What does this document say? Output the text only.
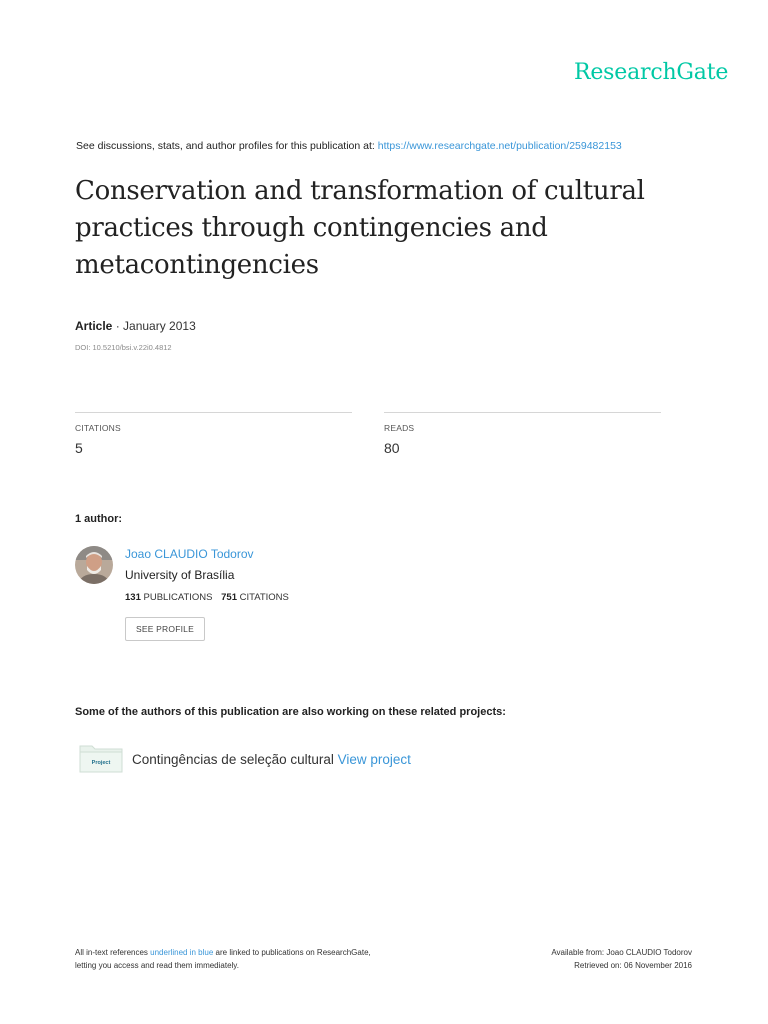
ResearchGate
See discussions, stats, and author profiles for this publication at: https://www.researchgate.net/publication/259482153
Conservation and transformation of cultural practices through contingencies and metacontingencies
Article · January 2013
DOI: 10.5210/bsi.v.22i0.4812
CITATIONS
5
READS
80
1 author:
Joao CLAUDIO Todorov
University of Brasília
131 PUBLICATIONS 751 CITATIONS
SEE PROFILE
Some of the authors of this publication are also working on these related projects:
Project Contingências de seleção cultural View project
All in-text references underlined in blue are linked to publications on ResearchGate,
letting you access and read them immediately.
Available from: Joao CLAUDIO Todorov
Retrieved on: 06 November 2016
